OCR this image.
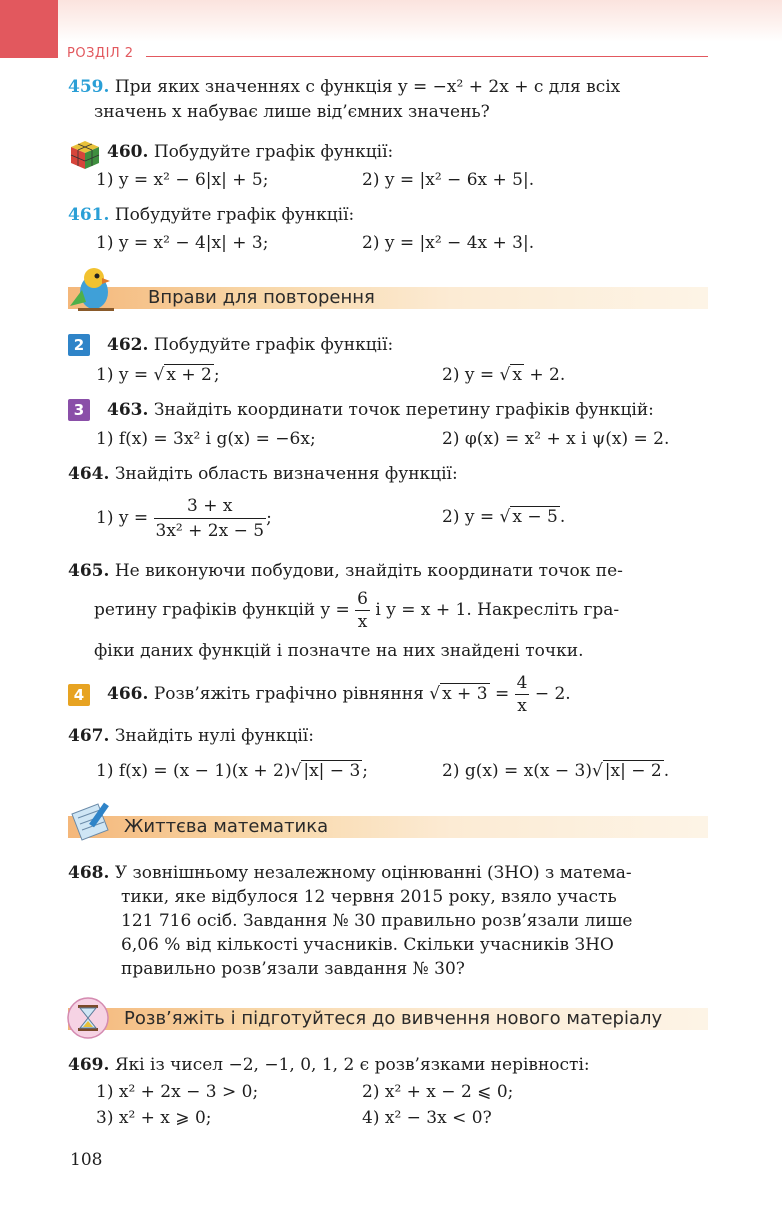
РОЗДІЛ 2
459. При яких значеннях c функція y = −x² + 2x + c для всіх
значень x набуває лише від’ємних значень?
460. Побудуйте графік функції:
1) y = x² − 6|x| + 5;	2) y = |x² − 6x + 5|.
461. Побудуйте графік функції:
1) y = x² − 4|x| + 3;	2) y = |x² − 4x + 3|.
Вправи для повторення
2	462. Побудуйте графік функції:
1) y = √ x + 2 ;	2) y = √ x + 2.
3	463. Знайдіть координати точок перетину графіків функцій:
1) f(x) = 3x² і g(x) = −6x;	2) φ(x) = x² + x і ψ(x) = 2.
464. Знайдіть область визначення функції:
1) $y = \frac{3 + x}{\text{3x² + 2x − 5}}$ ;	2) y = √ x − 5 .
465. Не виконуючи побудови, знайдіть координати точок пе-
ретину графіків функцій $y = \frac{6}{x}$ і y = x + 1. Накресліть гра-
фіки даних функцій і позначте на них знайдені точки.
4	466. Розв’яжіть графічно рівняння √ $x + 3 = \frac{4}{x} - 2$.
467. Знайдіть нулі функції:
1) f(x) = (x − 1)(x + 2)√ |x| − 3 ;	2) g(x) = x(x − 3)√ |x| − 2 .
Життєва математика
468. У зовнішньому незалежному оцінюванні (ЗНО) з матема-
тики, яке відбулося 12 червня 2015 року, взяло участь
121 716 осіб. Завдання № 30 правильно розв’язали лише
6,06 % від кількості учасників. Скільки учасників ЗНО
правильно розв’язали завдання № 30?
Розв’яжіть і підготуйтеся до вивчення нового матеріалу
469. Які із чисел −2, −1, 0, 1, 2 є розв’язками нерівності:
1) x² + 2x − 3 > 0;	2) x² + x − 2 ⩽ 0;
3) x² + x ⩾ 0;	4) x² − 3x < 0?
108
